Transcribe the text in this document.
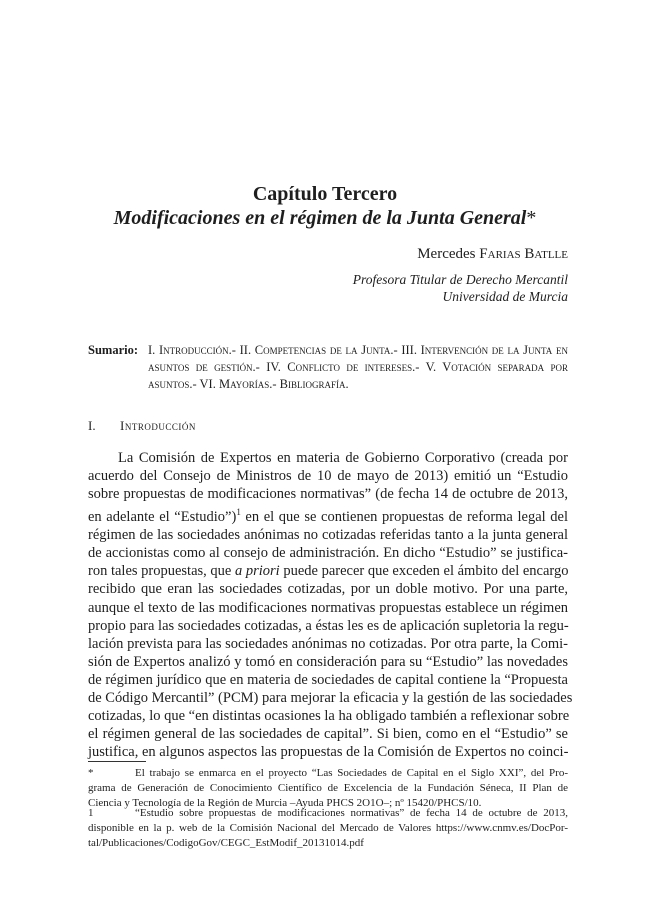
Capítulo Tercero
Modificaciones en el régimen de la Junta General*
Mercedes Farias Batlle
Profesora Titular de Derecho Mercantil
Universidad de Murcia
Sumario: I. Introducción.- II. Competencias de la Junta.- III. Intervención de la Junta en asuntos de gestión.- IV. Conflicto de intereses.- V. Votación separada por asuntos.- VI. Mayorías.- Bibliografía.
I. Introducción
La Comisión de Expertos en materia de Gobierno Corporativo (creada por
acuerdo del Consejo de Ministros de 10 de mayo de 2013) emitió un “Estudio
sobre propuestas de modificaciones normativas” (de fecha 14 de octubre de 2013,
en adelante el “Estudio”)$^1$ en el que se contienen propuestas de reforma legal del
régimen de las sociedades anónimas no cotizadas referidas tanto a la junta general
de accionistas como al consejo de administración. En dicho “Estudio” se justifica-
ron tales propuestas, que a priori puede parecer que exceden el ámbito del encargo
recibido que eran las sociedades cotizadas, por un doble motivo. Por una parte,
aunque el texto de las modificaciones normativas propuestas establece un régimen
propio para las sociedades cotizadas, a éstas les es de aplicación supletoria la regu-
lación prevista para las sociedades anónimas no cotizadas. Por otra parte, la Comi-
sión de Expertos analizó y tomó en consideración para su “Estudio” las novedades
de régimen jurídico que en materia de sociedades de capital contiene la “Propuesta
de Código Mercantil” (PCM) para mejorar la eficacia y la gestión de las sociedades
cotizadas, lo que “en distintas ocasiones la ha obligado también a reflexionar sobre
el régimen general de las sociedades de capital”. Si bien, como en el “Estudio” se
justifica, en algunos aspectos las propuestas de la Comisión de Expertos no coinci-
*	El trabajo se enmarca en el proyecto “Las Sociedades de Capital en el Siglo XXI”, del Pro-
grama de Generación de Conocimiento Científico de Excelencia de la Fundación Séneca, II Plan de
Ciencia y Tecnología de la Región de Murcia –Ayuda PHCS 2O1O–; nº 15420/PHCS/10.
1	“Estudio sobre propuestas de modificaciones normativas” de fecha 14 de octubre de 2013,
disponible en la p. web de la Comisión Nacional del Mercado de Valores https://www.cnmv.es/DocPor-
tal/Publicaciones/CodigoGov/CEGC_EstModif_20131014.pdf
